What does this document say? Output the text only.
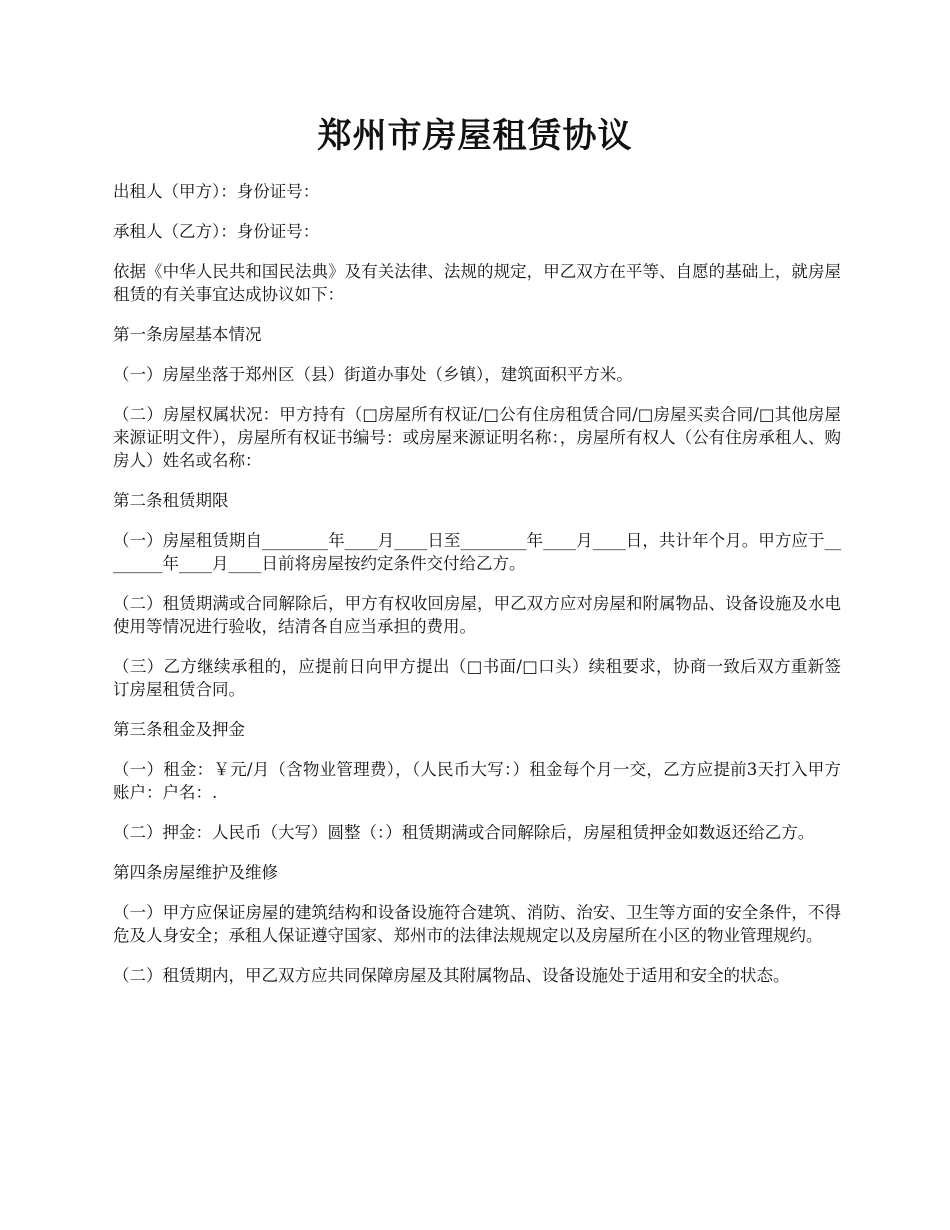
郑州市房屋租赁协议

出租人（甲方）：身份证号：

承租人（乙方）：身份证号：

依据《中华人民共和国民法典》及有关法律、法规的规定，甲乙双方在平等、自愿的基础上，就房屋租赁的有关事宜达成协议如下：

第一条房屋基本情况

（一）房屋坐落于郑州区（县）街道办事处（乡镇），建筑面积平方米。

（二）房屋权属状况：甲方持有（□房屋所有权证/□公有住房租赁合同/□房屋买卖合同/□其他房屋来源证明文件），房屋所有权证书编号：或房屋来源证明名称：，房屋所有权人（公有住房承租人、购房人）姓名或名称：

第二条租赁期限

（一）房屋租赁期自________年____月____日至________年____月____日，共计年个月。甲方应于________年____月____日前将房屋按约定条件交付给乙方。

（二）租赁期满或合同解除后，甲方有权收回房屋，甲乙双方应对房屋和附属物品、设备设施及水电使用等情况进行验收，结清各自应当承担的费用。

（三）乙方继续承租的，应提前日向甲方提出（□书面/□口头）续租要求，协商一致后双方重新签订房屋租赁合同。

第三条租金及押金

（一）租金：￥元/月（含物业管理费），（人民币大写：）租金每个月一交，乙方应提前3天打入甲方账户：户名：.

（二）押金：人民币（大写）圆整（：）租赁期满或合同解除后，房屋租赁押金如数返还给乙方。

第四条房屋维护及维修

（一）甲方应保证房屋的建筑结构和设备设施符合建筑、消防、治安、卫生等方面的安全条件，不得危及人身安全；承租人保证遵守国家、郑州市的法律法规规定以及房屋所在小区的物业管理规约。

（二）租赁期内，甲乙双方应共同保障房屋及其附属物品、设备设施处于适用和安全的状态。
